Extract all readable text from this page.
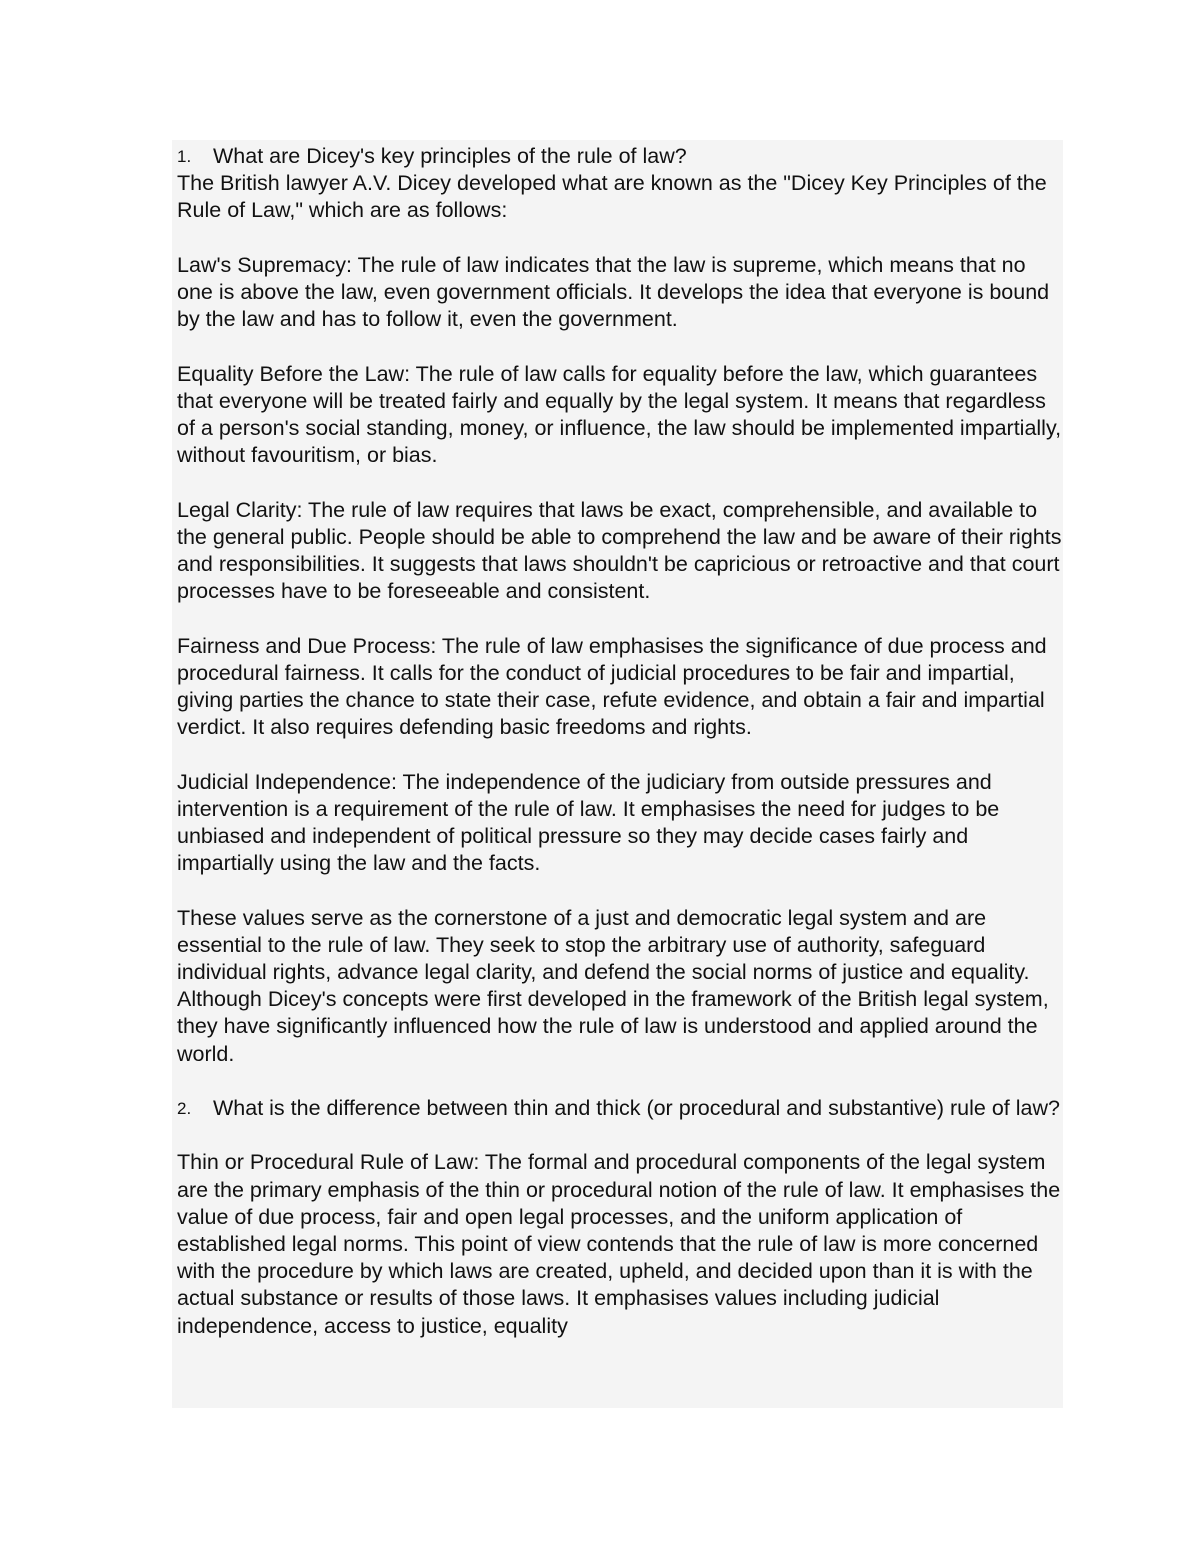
1. What are Dicey's key principles of the rule of law?

The British lawyer A.V. Dicey developed what are known as the "Dicey Key Principles of the Rule of Law," which are as follows:

Law's Supremacy: The rule of law indicates that the law is supreme, which means that no one is above the law, even government officials. It develops the idea that everyone is bound by the law and has to follow it, even the government.

Equality Before the Law: The rule of law calls for equality before the law, which guarantees that everyone will be treated fairly and equally by the legal system. It means that regardless of a person's social standing, money, or influence, the law should be implemented impartially, without favouritism, or bias.

Legal Clarity: The rule of law requires that laws be exact, comprehensible, and available to the general public. People should be able to comprehend the law and be aware of their rights and responsibilities. It suggests that laws shouldn't be capricious or retroactive and that court processes have to be foreseeable and consistent.

Fairness and Due Process: The rule of law emphasises the significance of due process and procedural fairness. It calls for the conduct of judicial procedures to be fair and impartial, giving parties the chance to state their case, refute evidence, and obtain a fair and impartial verdict. It also requires defending basic freedoms and rights.

Judicial Independence: The independence of the judiciary from outside pressures and intervention is a requirement of the rule of law. It emphasises the need for judges to be unbiased and independent of political pressure so they may decide cases fairly and impartially using the law and the facts.

These values serve as the cornerstone of a just and democratic legal system and are essential to the rule of law. They seek to stop the arbitrary use of authority, safeguard individual rights, advance legal clarity, and defend the social norms of justice and equality. Although Dicey's concepts were first developed in the framework of the British legal system, they have significantly influenced how the rule of law is understood and applied around the world.

2. What is the difference between thin and thick (or procedural and substantive) rule of law?

Thin or Procedural Rule of Law: The formal and procedural components of the legal system are the primary emphasis of the thin or procedural notion of the rule of law. It emphasises the value of due process, fair and open legal processes, and the uniform application of established legal norms. This point of view contends that the rule of law is more concerned with the procedure by which laws are created, upheld, and decided upon than it is with the actual substance or results of those laws. It emphasises values including judicial independence, access to justice, equality
